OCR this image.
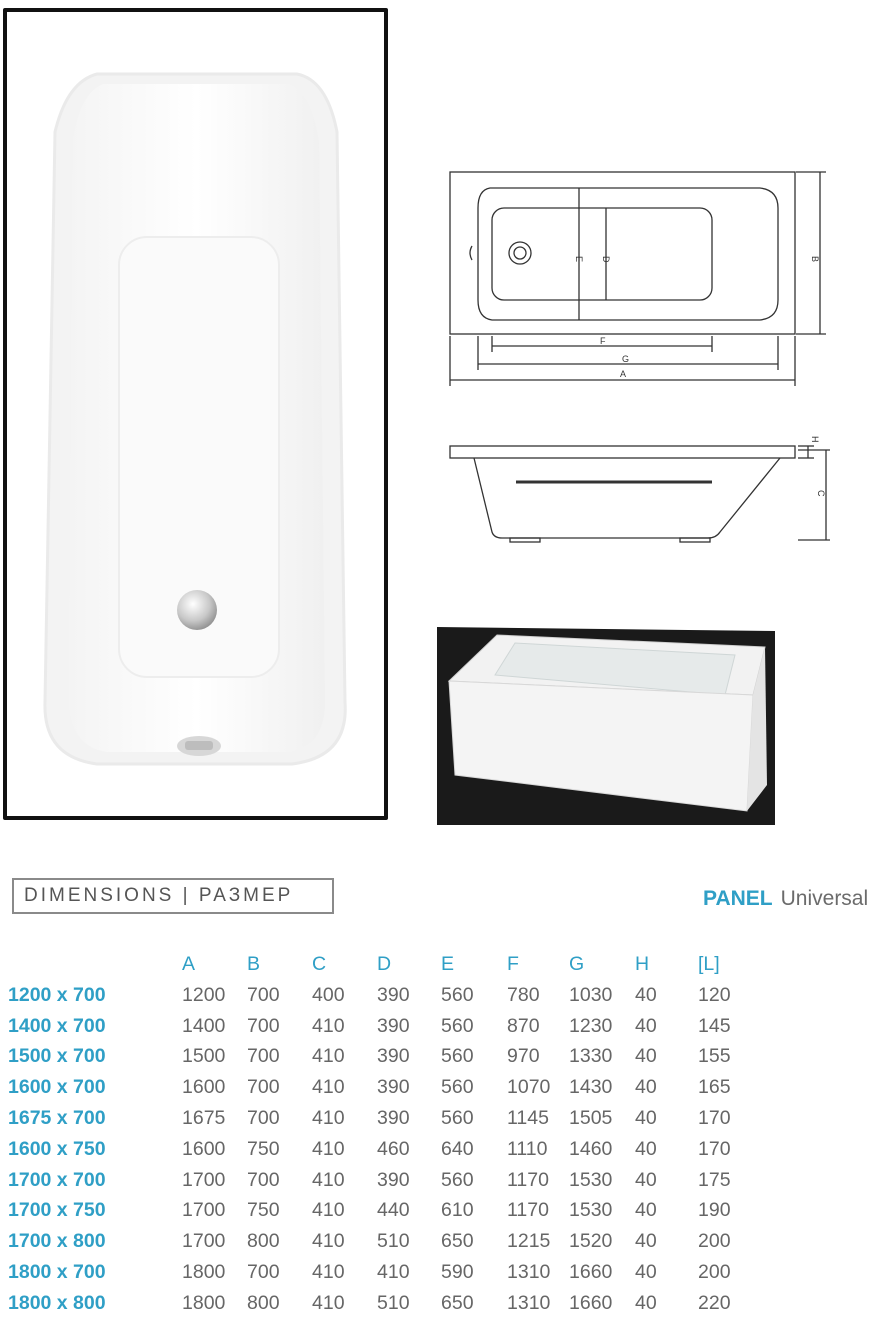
E D	B
F
G
A
H
C
DIMENSIONS | РАЗМЕР	PANEL Universal
	A	B	C	D	E	F	G	H	[L]
1200 x 700	1200	700	400	390	560	780	1030	40	120
1400 x 700	1400	700	410	390	560	870	1230	40	145
1500 x 700	1500	700	410	390	560	970	1330	40	155
1600 x 700	1600	700	410	390	560	1070	1430	40	165
1675 x 700	1675	700	410	390	560	1145	1505	40	170
1600 x 750	1600	750	410	460	640	1110	1460	40	170
1700 x 700	1700	700	410	390	560	1170	1530	40	175
1700 x 750	1700	750	410	440	610	1170	1530	40	190
1700 x 800	1700	800	410	510	650	1215	1520	40	200
1800 x 700	1800	700	410	410	590	1310	1660	40	200
1800 x 800	1800	800	410	510	650	1310	1660	40	220
